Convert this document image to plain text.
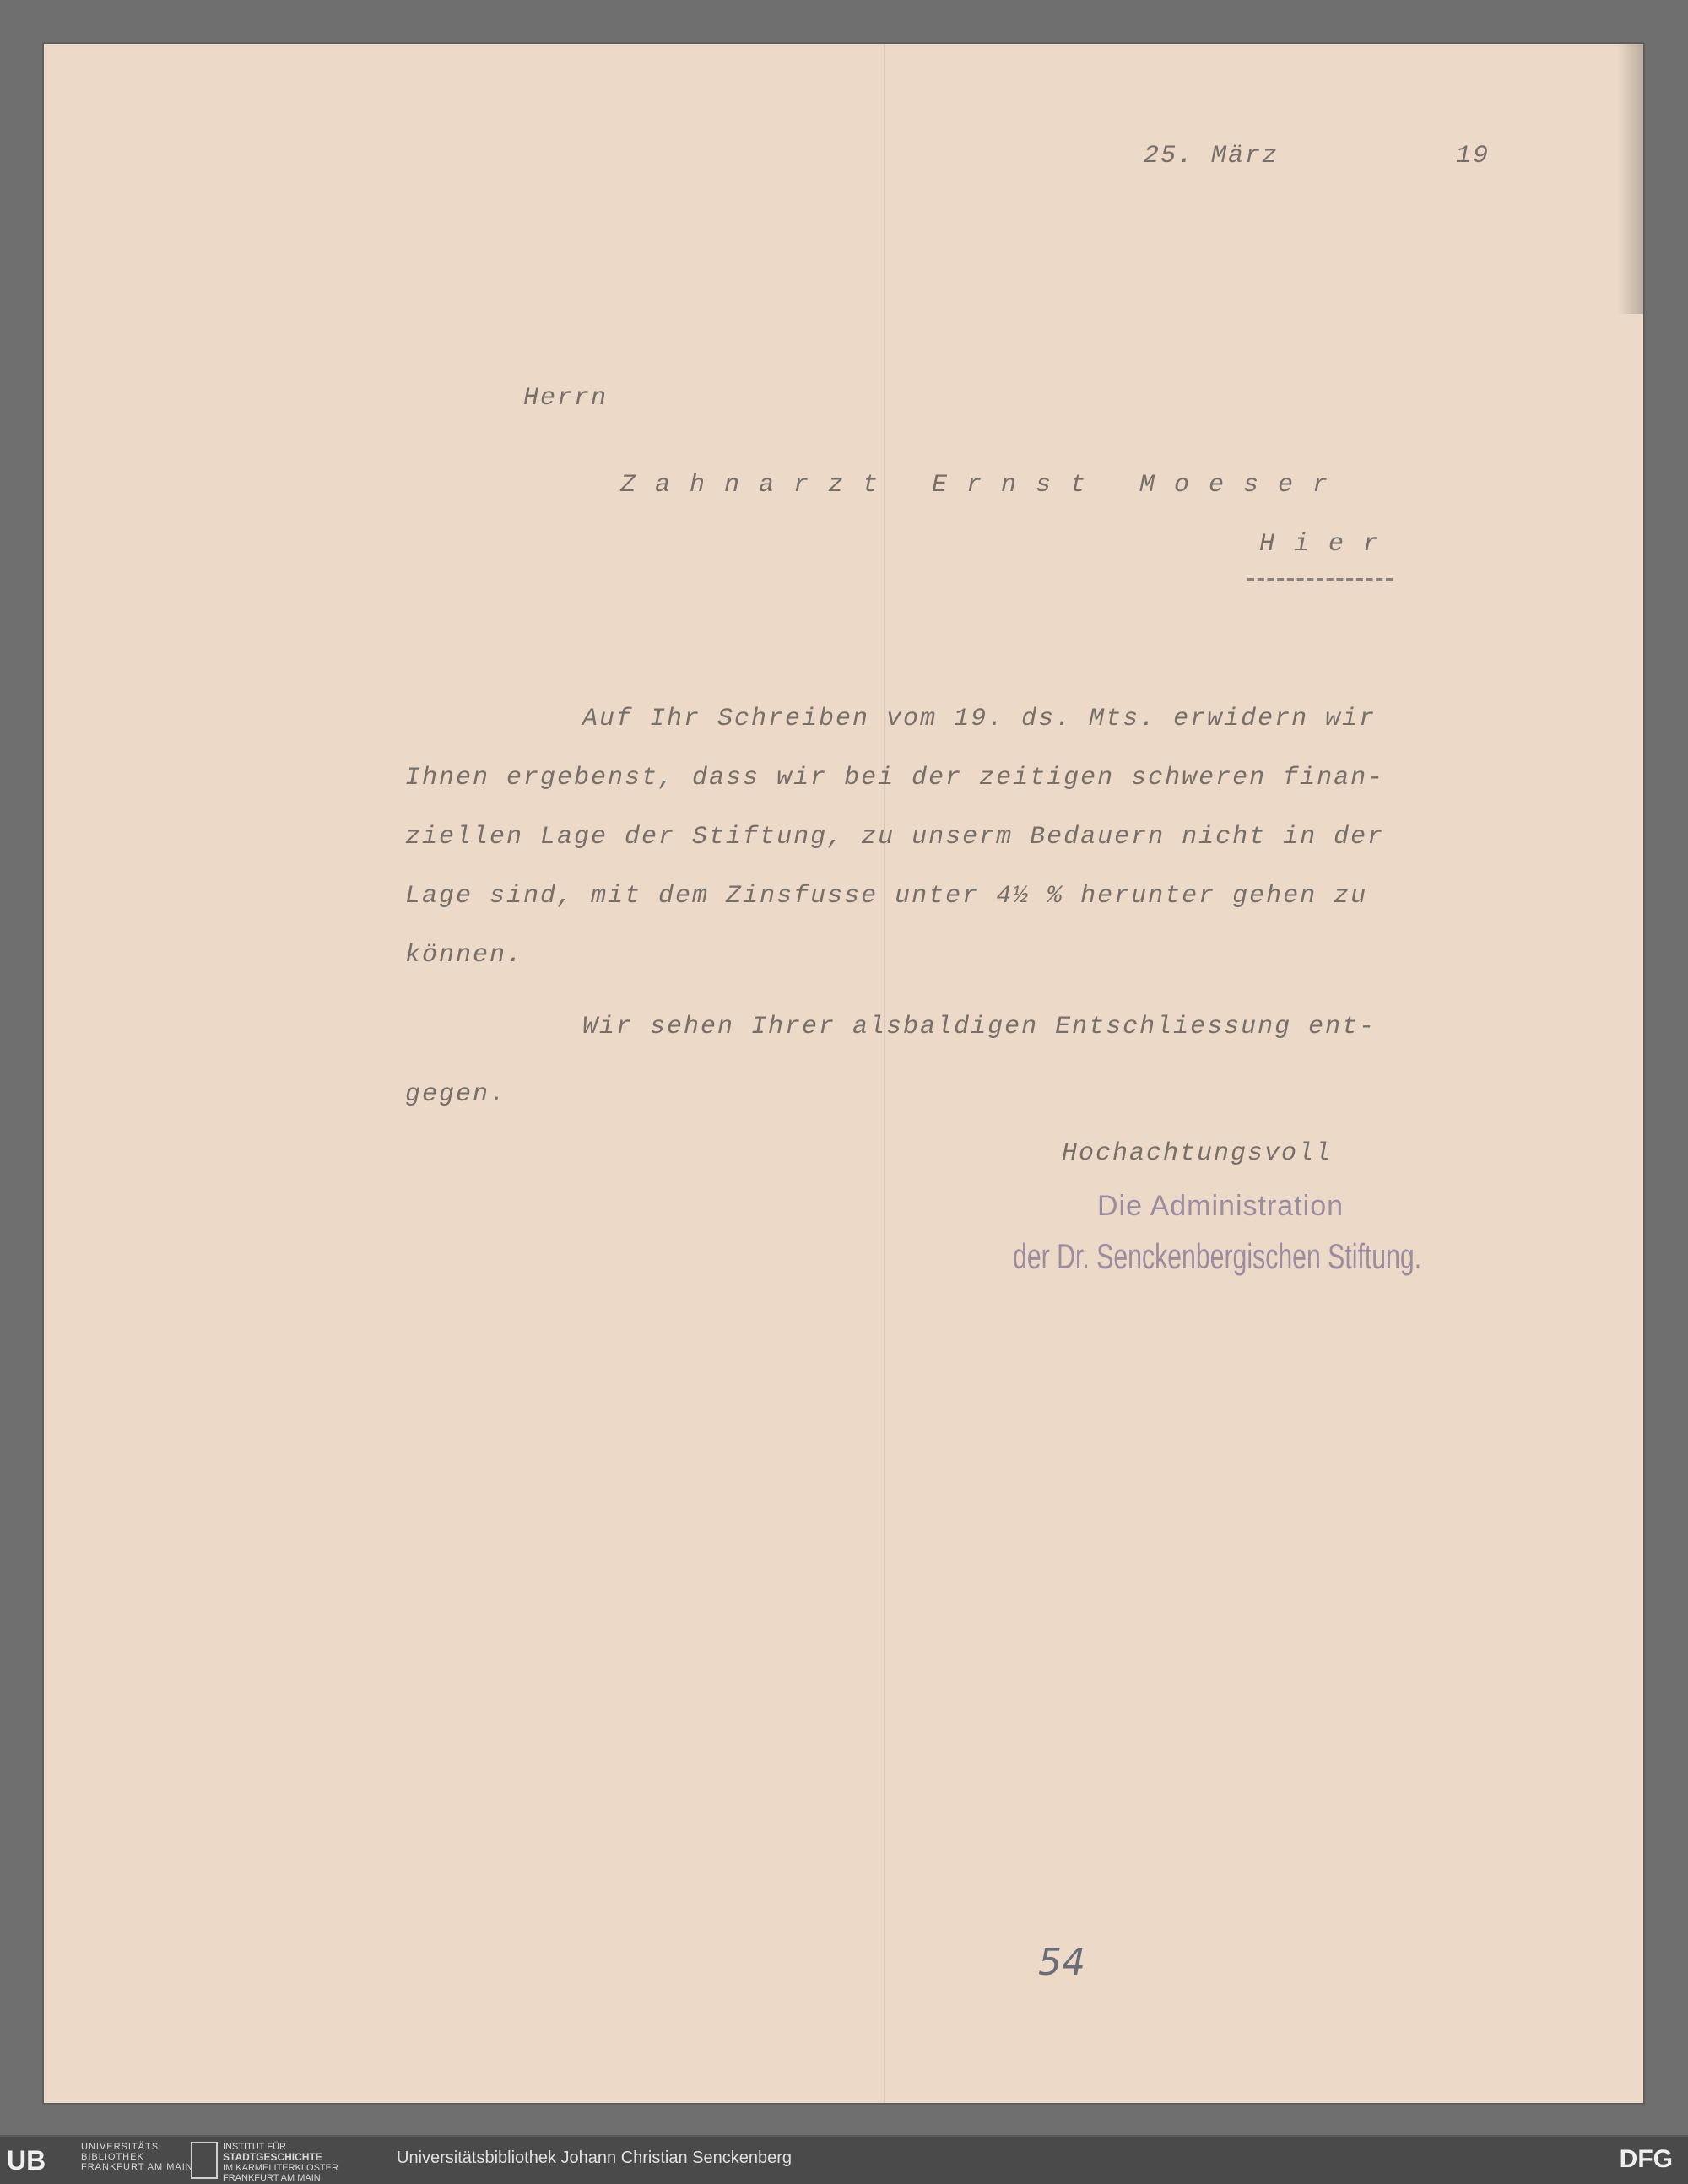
25. März	19
Herrn
Zahnarzt Ernst Moeser
Hier
Auf Ihr Schreiben vom 19. ds. Mts. erwidern wir
Ihnen ergebenst, dass wir bei der zeitigen schweren finan-
ziellen Lage der Stiftung, zu unserm Bedauern nicht in der
Lage sind, mit dem Zinsfusse unter 4½ % herunter gehen zu
können.
Wir sehen Ihrer alsbaldigen Entschliessung ent-
gegen.
Hochachtungsvoll
Die Administration
der Dr. Senckenbergischen Stiftung.
54
UB	UNIVERSITÄTS
BIBLIOTHEK
FRANKFURT AM MAIN
INSTITUT FÜR
STADTGESCHICHTE
IM KARMELITERKLOSTER
FRANKFURT AM MAIN
Universitätsbibliothek Johann Christian Senckenberg	DFG
